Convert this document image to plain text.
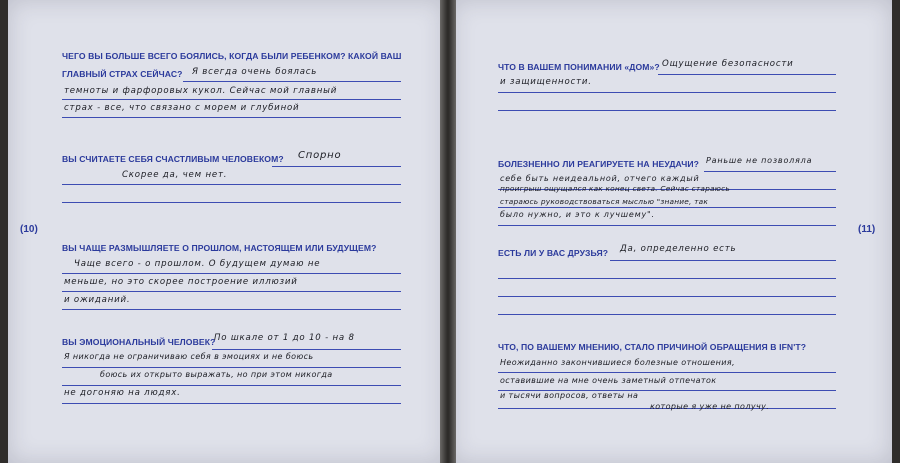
(10)
ЧЕГО ВЫ БОЛЬШЕ ВСЕГО БОЯЛИСЬ, КОГДА БЫЛИ РЕБЕНКОМ? КАКОЙ ВАШ
ГЛАВНЫЙ СТРАХ СЕЙЧАС? Я всегда очень боялась
темноты и фарфоровых кукол. Сейчас мой главный
страх - все, что связано с морем и глубиной
ВЫ СЧИТАЕТЕ СЕБЯ СЧАСТЛИВЫМ ЧЕЛОВЕКОМ? Спорно
Скорее да, чем нет.
ВЫ ЧАЩЕ РАЗМЫШЛЯЕТЕ О ПРОШЛОМ, НАСТОЯЩЕМ ИЛИ БУДУЩЕМ?
Чаще всего - о прошлом. О будущем думаю не
меньше, но это скорее построение иллюзий
и ожиданий.
ВЫ ЭМОЦИОНАЛЬНЫЙ ЧЕЛОВЕК?
По шкале от 1 до 10 - на 8
Я никогда не ограничиваю себя в эмоциях и не боюсь
боюсь их открыто выражать, но при этом никогда
не догоняю на людях.
(11)
ЧТО В ВАШЕМ ПОНИМАНИИ «ДОМ»? Ощущение безопасности
и защищенности.
БОЛЕЗНЕННО ЛИ РЕАГИРУЕТЕ НА НЕУДАЧИ? Раньше не позволяла
себе быть неидеальной, отчего каждый
проигрыш ощущался как конец света. Сейчас стараюсь
стараюсь руководствоваться мыслью "знание, так
было нужно, и это к лучшему".
ЕСТЬ ЛИ У ВАС ДРУЗЬЯ? Да, определенно есть
ЧТО, ПО ВАШЕМУ МНЕНИЮ, СТАЛО ПРИЧИНОЙ ОБРАЩЕНИЯ В IFN'T?
Неожиданно закончившиеся болезные отношения,
оставившие на мне очень заметный отпечаток
и тысячи вопросов, ответы на
которые я уже не получу.
